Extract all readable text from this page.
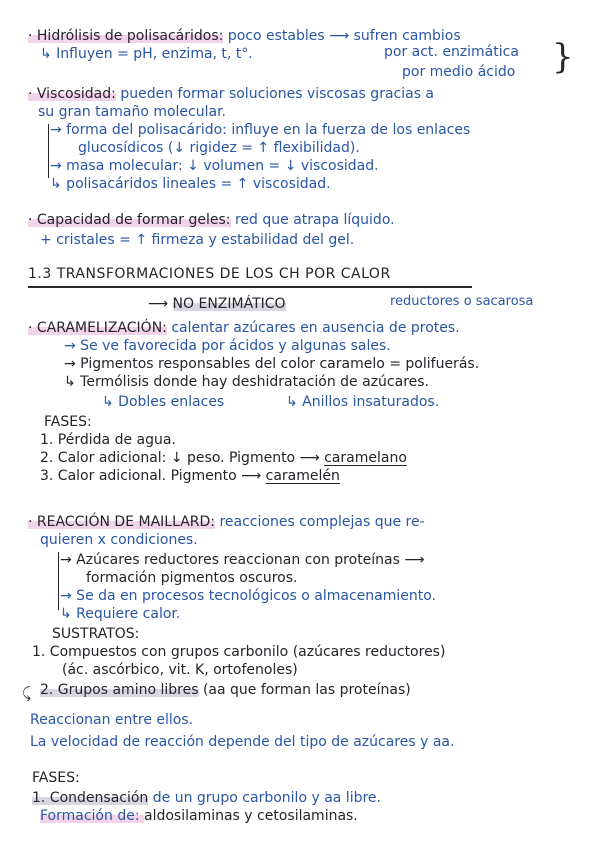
· Hidrólisis de polisacáridos: poco estables ⟶ sufren cambios
↳ Influyen = pH, enzima, t, t°.	por act. enzimática
por medio ácido }
· Viscosidad: pueden formar soluciones viscosas gracias a
su gran tamaño molecular.
→ forma del polisacárido: influye en la fuerza de los enlaces
glucosídicos (↓ rigidez = ↑ flexibilidad).
→ masa molecular: ↓ volumen = ↓ viscosidad.
↳ polisacáridos lineales = ↑ viscosidad.
· Capacidad de formar geles: red que atrapa líquido.
+ cristales = ↑ firmeza y estabilidad del gel.
1.3 TRANSFORMACIONES DE LOS CH POR CALOR
⟶ NO ENZIMÁTICO	reductores o sacarosa
· CARAMELIZACIÓN: calentar azúcares en ausencia de protes.
→ Se ve favorecida por ácidos y algunas sales.
→ Pigmentos responsables del color caramelo = polifuerás.
↳ Termólisis donde hay deshidratación de azúcares.
↳ Dobles enlaces	↳ Anillos insaturados.
FASES:
1. Pérdida de agua.
2. Calor adicional: ↓ peso. Pigmento ⟶ caramelano
3. Calor adicional. Pigmento ⟶ caramelén
· REACCIÓN DE MAILLARD: reacciones complejas que re-
quieren x condiciones.
→ Azúcares reductores reaccionan con proteínas ⟶
formación pigmentos oscuros.
→ Se da en procesos tecnológicos o almacenamiento.
↳ Requiere calor.
SUSTRATOS:
1. Compuestos con grupos carbonilo (azúcares reductores)
(ác. ascórbico, vit. K, ortofenoles)
⤹ 2. Grupos amino libres (aa que forman las proteínas)
Reaccionan entre ellos.
La velocidad de reacción depende del tipo de azúcares y aa.
FASES:
1. Condensación de un grupo carbonilo y aa libre.
Formación de: aldosilaminas y cetosilaminas.
